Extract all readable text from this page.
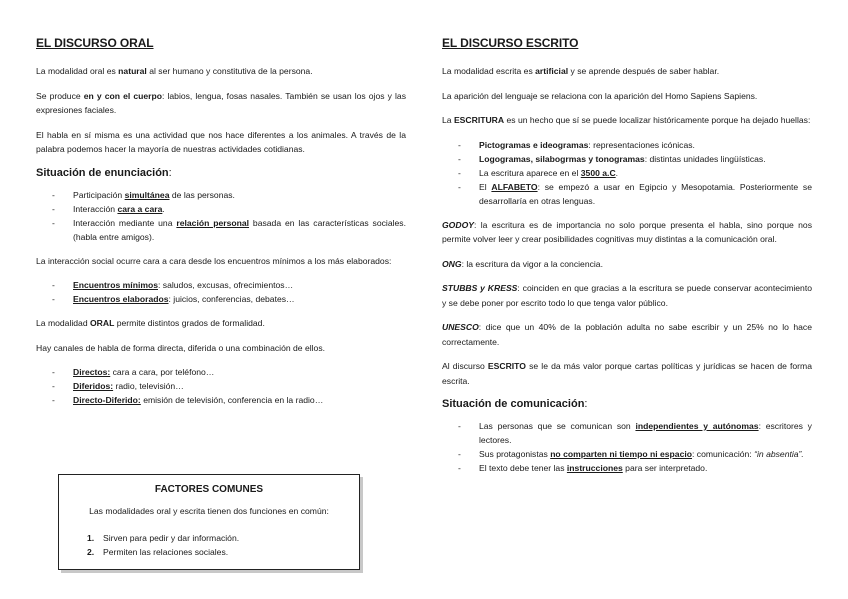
EL DISCURSO ORAL

La modalidad oral es natural al ser humano y constitutiva de la persona.

Se produce en y con el cuerpo: labios, lengua, fosas nasales. También se usan los ojos y las expresiones faciales.

El habla en sí misma es una actividad que nos hace diferentes a los animales. A través de la palabra podemos hacer la mayoría de nuestras actividades cotidianas.

Situación de enunciación:
- Participación simultánea de las personas.
- Interacción cara a cara.
- Interacción mediante una relación personal basada en las características sociales. (habla entre amigos).

La interacción social ocurre cara a cara desde los encuentros mínimos a los más elaborados:

- Encuentros mínimos: saludos, excusas, ofrecimientos…
- Encuentros elaborados: juicios, conferencias, debates…

La modalidad ORAL permite distintos grados de formalidad.

Hay canales de habla de forma directa, diferida o una combinación de ellos.

- Directos: cara a cara, por teléfono…
- Diferidos: radio, televisión…
- Directo-Diferido: emisión de televisión, conferencia en la radio…
FACTORES COMUNES
Las modalidades oral y escrita tienen dos funciones en común:
1. Sirven para pedir y dar información.
2. Permiten las relaciones sociales.
EL DISCURSO ESCRITO

La modalidad escrita es artificial y se aprende después de saber hablar.

La aparición del lenguaje se relaciona con la aparición del Homo Sapiens Sapiens.

La ESCRITURA es un hecho que sí se puede localizar históricamente porque ha dejado huellas:

- Pictogramas e ideogramas: representaciones icónicas.
- Logogramas, silabogrmas y tonogramas: distintas unidades lingüísticas.
- La escritura aparece en el 3500 a.C.
- El ALFABETO: se empezó a usar en Egipcio y Mesopotamia. Posteriormente se desarrollaría en otras lenguas.

GODOY: la escritura es de importancia no solo porque presenta el habla, sino porque nos permite volver leer y crear posibilidades cognitivas muy distintas a la comunicación oral.

ONG: la escritura da vigor a la conciencia.

STUBBS y KRESS: coinciden en que gracias a la escritura se puede conservar acontecimiento y se debe poner por escrito todo lo que tenga valor público.

UNESCO: dice que un 40% de la población adulta no sabe escribir y un 25% no lo hace correctamente.

Al discurso ESCRITO se le da más valor porque cartas políticas y jurídicas se hacen de forma escrita.

Situación de comunicación:
- Las personas que se comunican son independientes y autónomas: escritores y lectores.
- Sus protagonistas no comparten ni tiempo ni espacio: comunicación: “in absentia”.
- El texto debe tener las instrucciones para ser interpretado.
